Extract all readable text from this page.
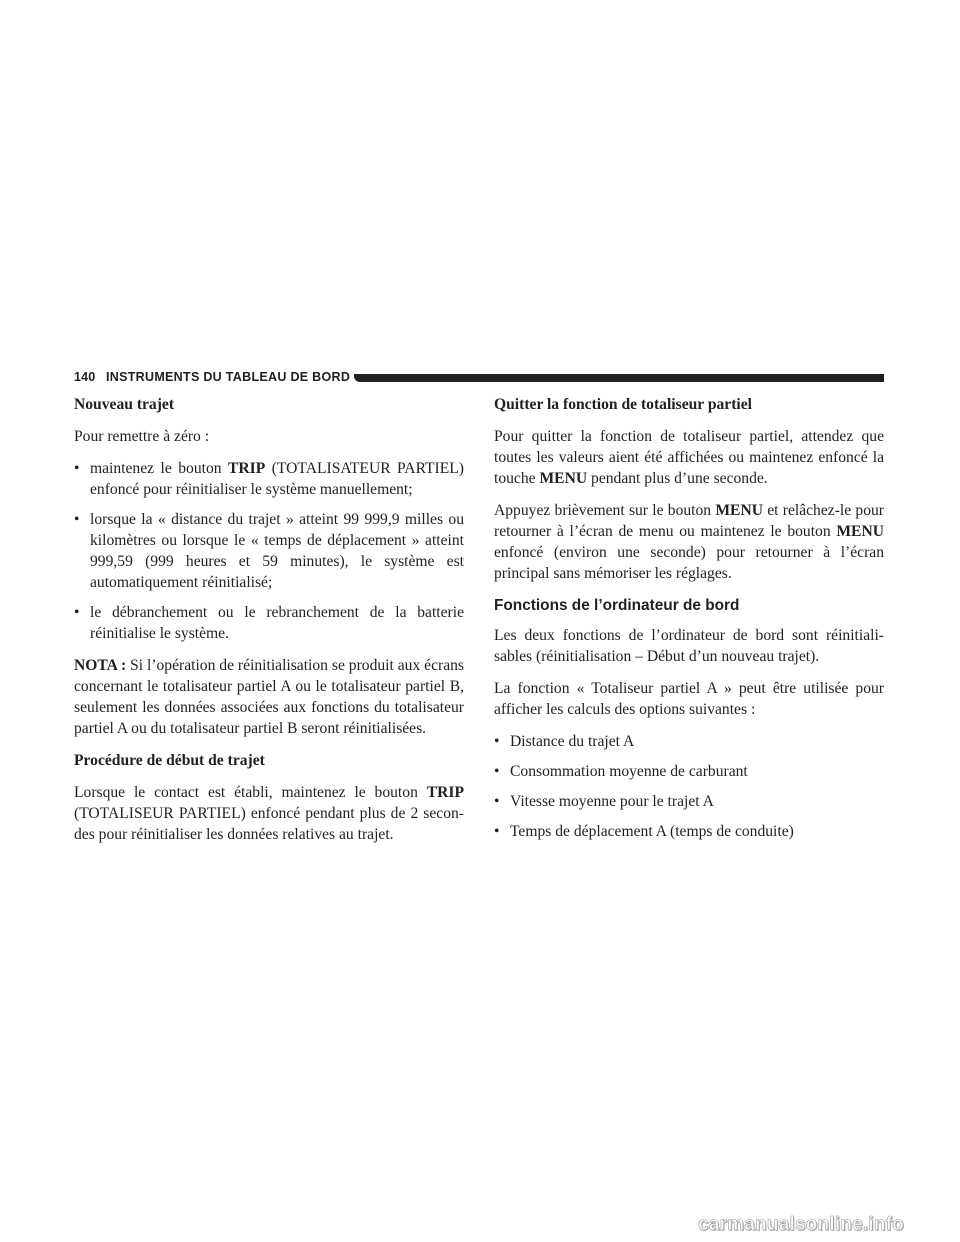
140 INSTRUMENTS DU TABLEAU DE BORD
Nouveau trajet

Pour remettre à zéro :

• maintenez le bouton TRIP (TOTALISATEUR PARTIEL) enfoncé pour réinitialiser le système manuellement;
• lorsque la « distance du trajet » atteint 99 999,9 milles ou kilomètres ou lorsque le « temps de déplacement » atteint 999,59 (999 heures et 59 minutes), le système est automatiquement réinitialisé;
• le débranchement ou le rebranchement de la batterie réinitialise le système.

NOTA : Si l’opération de réinitialisation se produit aux écrans concernant le totalisateur partiel A ou le totalisateur partiel B, seulement les données associées aux fonctions du totalisateur partiel A ou du totalisateur partiel B seront réinitialisées.

Procédure de début de trajet

Lorsque le contact est établi, maintenez le bouton TRIP (TOTALISEUR PARTIEL) enfoncé pendant plus de 2 secon-des pour réinitialiser les données relatives au trajet.

Quitter la fonction de totaliseur partiel

Pour quitter la fonction de totaliseur partiel, attendez que toutes les valeurs aient été affichées ou maintenez enfoncé la touche MENU pendant plus d’une seconde.

Appuyez brièvement sur le bouton MENU et relâchez-le pour retourner à l’écran de menu ou maintenez le bouton MENU enfoncé (environ une seconde) pour retourner à l’écran principal sans mémoriser les réglages.

Fonctions de l’ordinateur de bord

Les deux fonctions de l’ordinateur de bord sont réinitiali-sables (réinitialisation – Début d’un nouveau trajet).

La fonction « Totaliseur partiel A » peut être utilisée pour afficher les calculs des options suivantes :

• Distance du trajet A
• Consommation moyenne de carburant
• Vitesse moyenne pour le trajet A
• Temps de déplacement A (temps de conduite)
carmanualsonline.info
